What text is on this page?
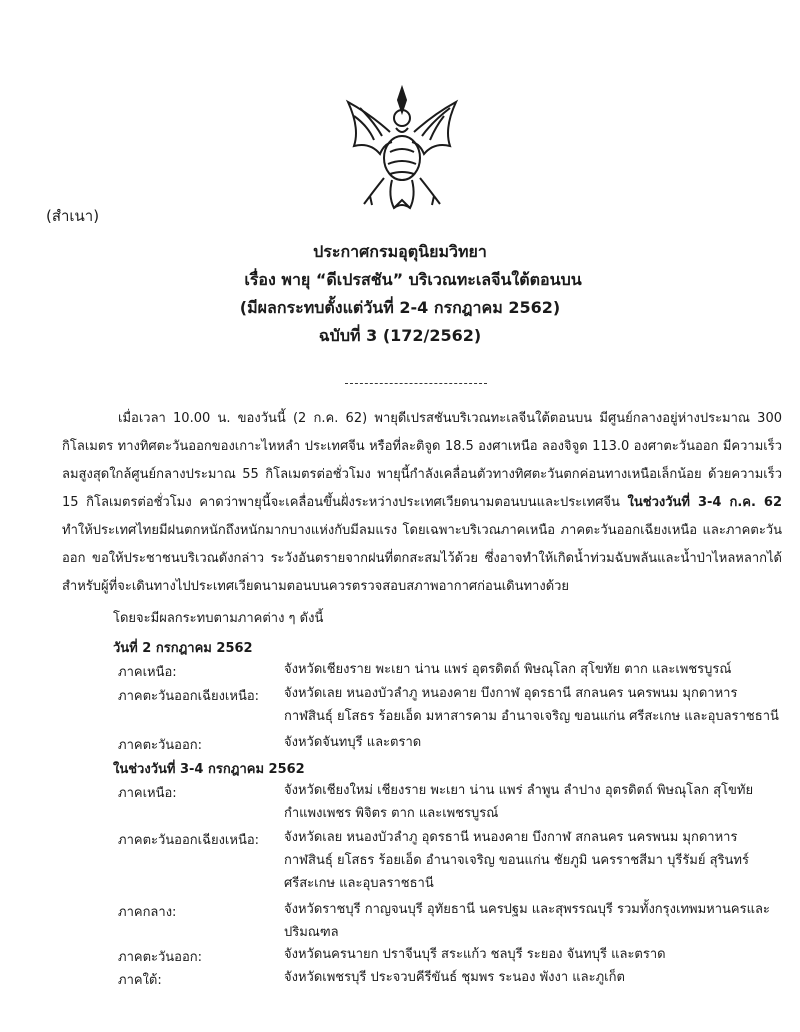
(สำเนา)
ประกาศกรมอุตุนิยมวิทยา
เรื่อง พายุ “ดีเปรสชัน” บริเวณทะเลจีนใต้ตอนบน
(มีผลกระทบตั้งแต่วันที่ 2-4 กรกฎาคม 2562)
ฉบับที่ 3 (172/2562)

เมื่อเวลา 10.00 น. ของวันนี้ (2 ก.ค. 62) พายุดีเปรสชันบริเวณทะเลจีนใต้ตอนบน มีศูนย์กลางอยู่ห่างประมาณ 300 กิโลเมตร ทางทิศตะวันออกของเกาะไหหลำ ประเทศจีน หรือที่ละติจูด 18.5 องศาเหนือ ลองจิจูด 113.0 องศาตะวันออก มีความเร็วลมสูงสุดใกล้ศูนย์กลางประมาณ 55 กิโลเมตรต่อชั่วโมง พายุนี้กำลังเคลื่อนตัวทางทิศตะวันตกค่อนทางเหนือเล็กน้อย ด้วยความเร็ว 15 กิโลเมตรต่อชั่วโมง คาดว่าพายุนี้จะเคลื่อนขึ้นฝั่งระหว่างประเทศเวียดนามตอนบนและประเทศจีน ในช่วงวันที่ 3-4 ก.ค. 62 ทำให้ประเทศไทยมีฝนตกหนักถึงหนักมากบางแห่งกับมีลมแรง โดยเฉพาะบริเวณภาคเหนือ ภาคตะวันออกเฉียงเหนือ และภาคตะวันออก ขอให้ประชาชนบริเวณดังกล่าว ระวังอันตรายจากฝนที่ตกสะสมไว้ด้วย ซึ่งอาจทำให้เกิดน้ำท่วมฉับพลันและน้ำป่าไหลหลากได้ สำหรับผู้ที่จะเดินทางไปประเทศเวียดนามตอนบนควรตรวจสอบสภาพอากาศก่อนเดินทางด้วย

โดยจะมีผลกระทบตามภาคต่าง ๆ ดังนี้
วันที่ 2 กรกฎาคม 2562
ภาคเหนือ:	จังหวัดเชียงราย พะเยา น่าน แพร่ อุตรดิตถ์ พิษณุโลก สุโขทัย ตาก และเพชรบูรณ์
ภาคตะวันออกเฉียงเหนือ: จังหวัดเลย หนองบัวลำภู หนองคาย บึงกาฬ อุดรธานี สกลนคร นครพนม มุกดาหาร กาฬสินธุ์ ยโสธร ร้อยเอ็ด มหาสารคาม อำนาจเจริญ ขอนแก่น ศรีสะเกษ และอุบลราชธานี
ภาคตะวันออก:	จังหวัดจันทบุรี และตราด
ในช่วงวันที่ 3-4 กรกฎาคม 2562
ภาคเหนือ:	จังหวัดเชียงใหม่ เชียงราย พะเยา น่าน แพร่ ลำพูน ลำปาง อุตรดิตถ์ พิษณุโลก สุโขทัย กำแพงเพชร พิจิตร ตาก และเพชรบูรณ์
ภาคตะวันออกเฉียงเหนือ: จังหวัดเลย หนองบัวลำภู อุดรธานี หนองคาย บึงกาฬ สกลนคร นครพนม มุกดาหาร กาฬสินธุ์ ยโสธร ร้อยเอ็ด อำนาจเจริญ ขอนแก่น ชัยภูมิ นครราชสีมา บุรีรัมย์ สุรินทร์ ศรีสะเกษ และอุบลราชธานี
ภาคกลาง:	จังหวัดราชบุรี กาญจนบุรี อุทัยธานี นครปฐม และสุพรรณบุรี รวมทั้งกรุงเทพมหานครและปริมณฑล
ภาคตะวันออก:	จังหวัดนครนายก ปราจีนบุรี สระแก้ว ชลบุรี ระยอง จันทบุรี และตราด
ภาคใต้:	จังหวัดเพชรบุรี ประจวบคีรีขันธ์ ชุมพร ระนอง พังงา และภูเก็ต
